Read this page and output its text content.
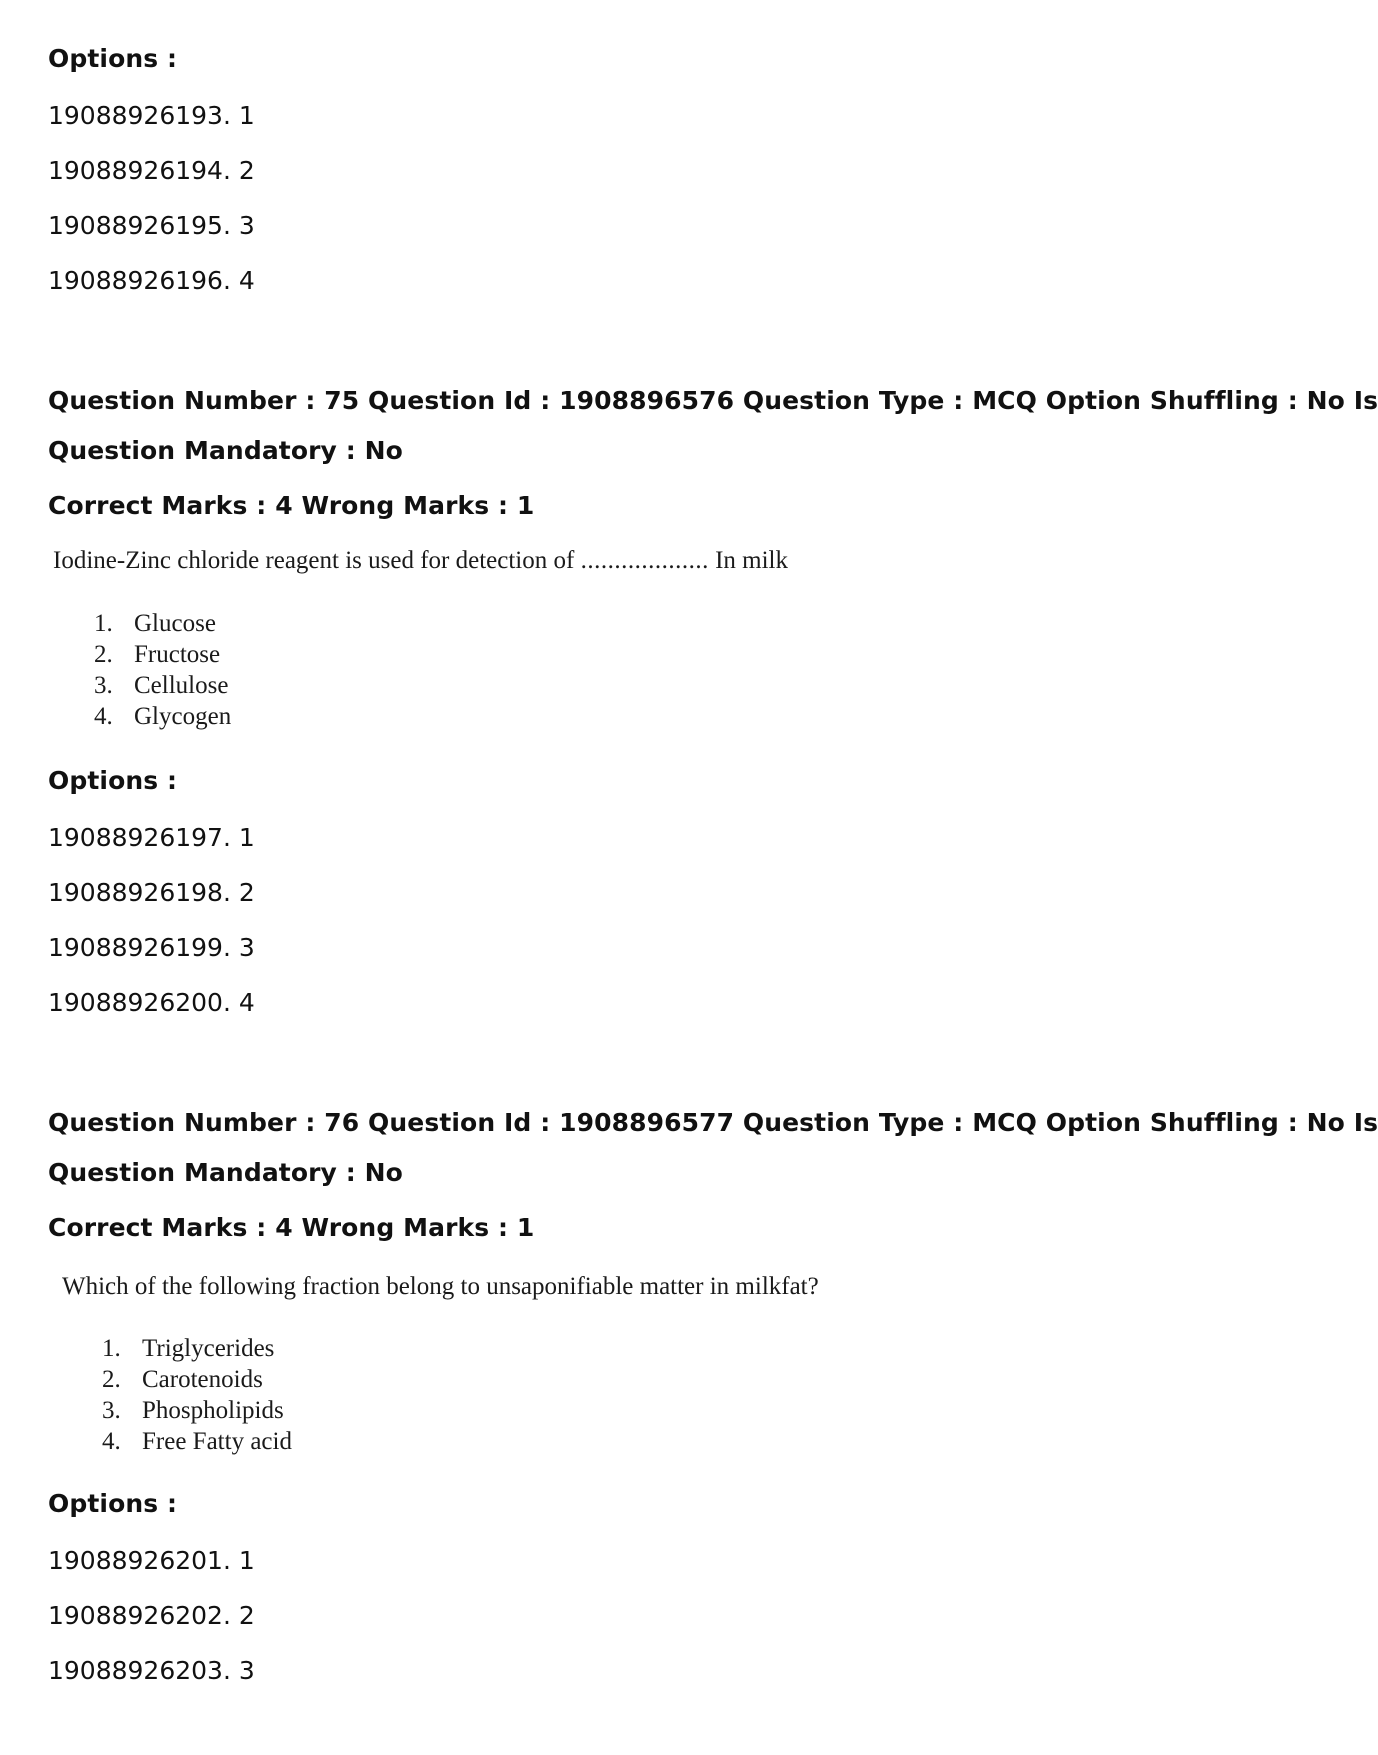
Options :
19088926193. 1
19088926194. 2
19088926195. 3
19088926196. 4
Question Number : 75 Question Id : 1908896576 Question Type : MCQ Option Shuffling : No Is
Question Mandatory : No
Correct Marks : 4 Wrong Marks : 1
Iodine-Zinc chloride reagent is used for detection of ................... In milk
1. Glucose
2. Fructose
3. Cellulose
4. Glycogen
Options :
19088926197. 1
19088926198. 2
19088926199. 3
19088926200. 4
Question Number : 76 Question Id : 1908896577 Question Type : MCQ Option Shuffling : No Is
Question Mandatory : No
Correct Marks : 4 Wrong Marks : 1
Which of the following fraction belong to unsaponifiable matter in milkfat?
1. Triglycerides
2. Carotenoids
3. Phospholipids
4. Free Fatty acid
Options :
19088926201. 1
19088926202. 2
19088926203. 3
